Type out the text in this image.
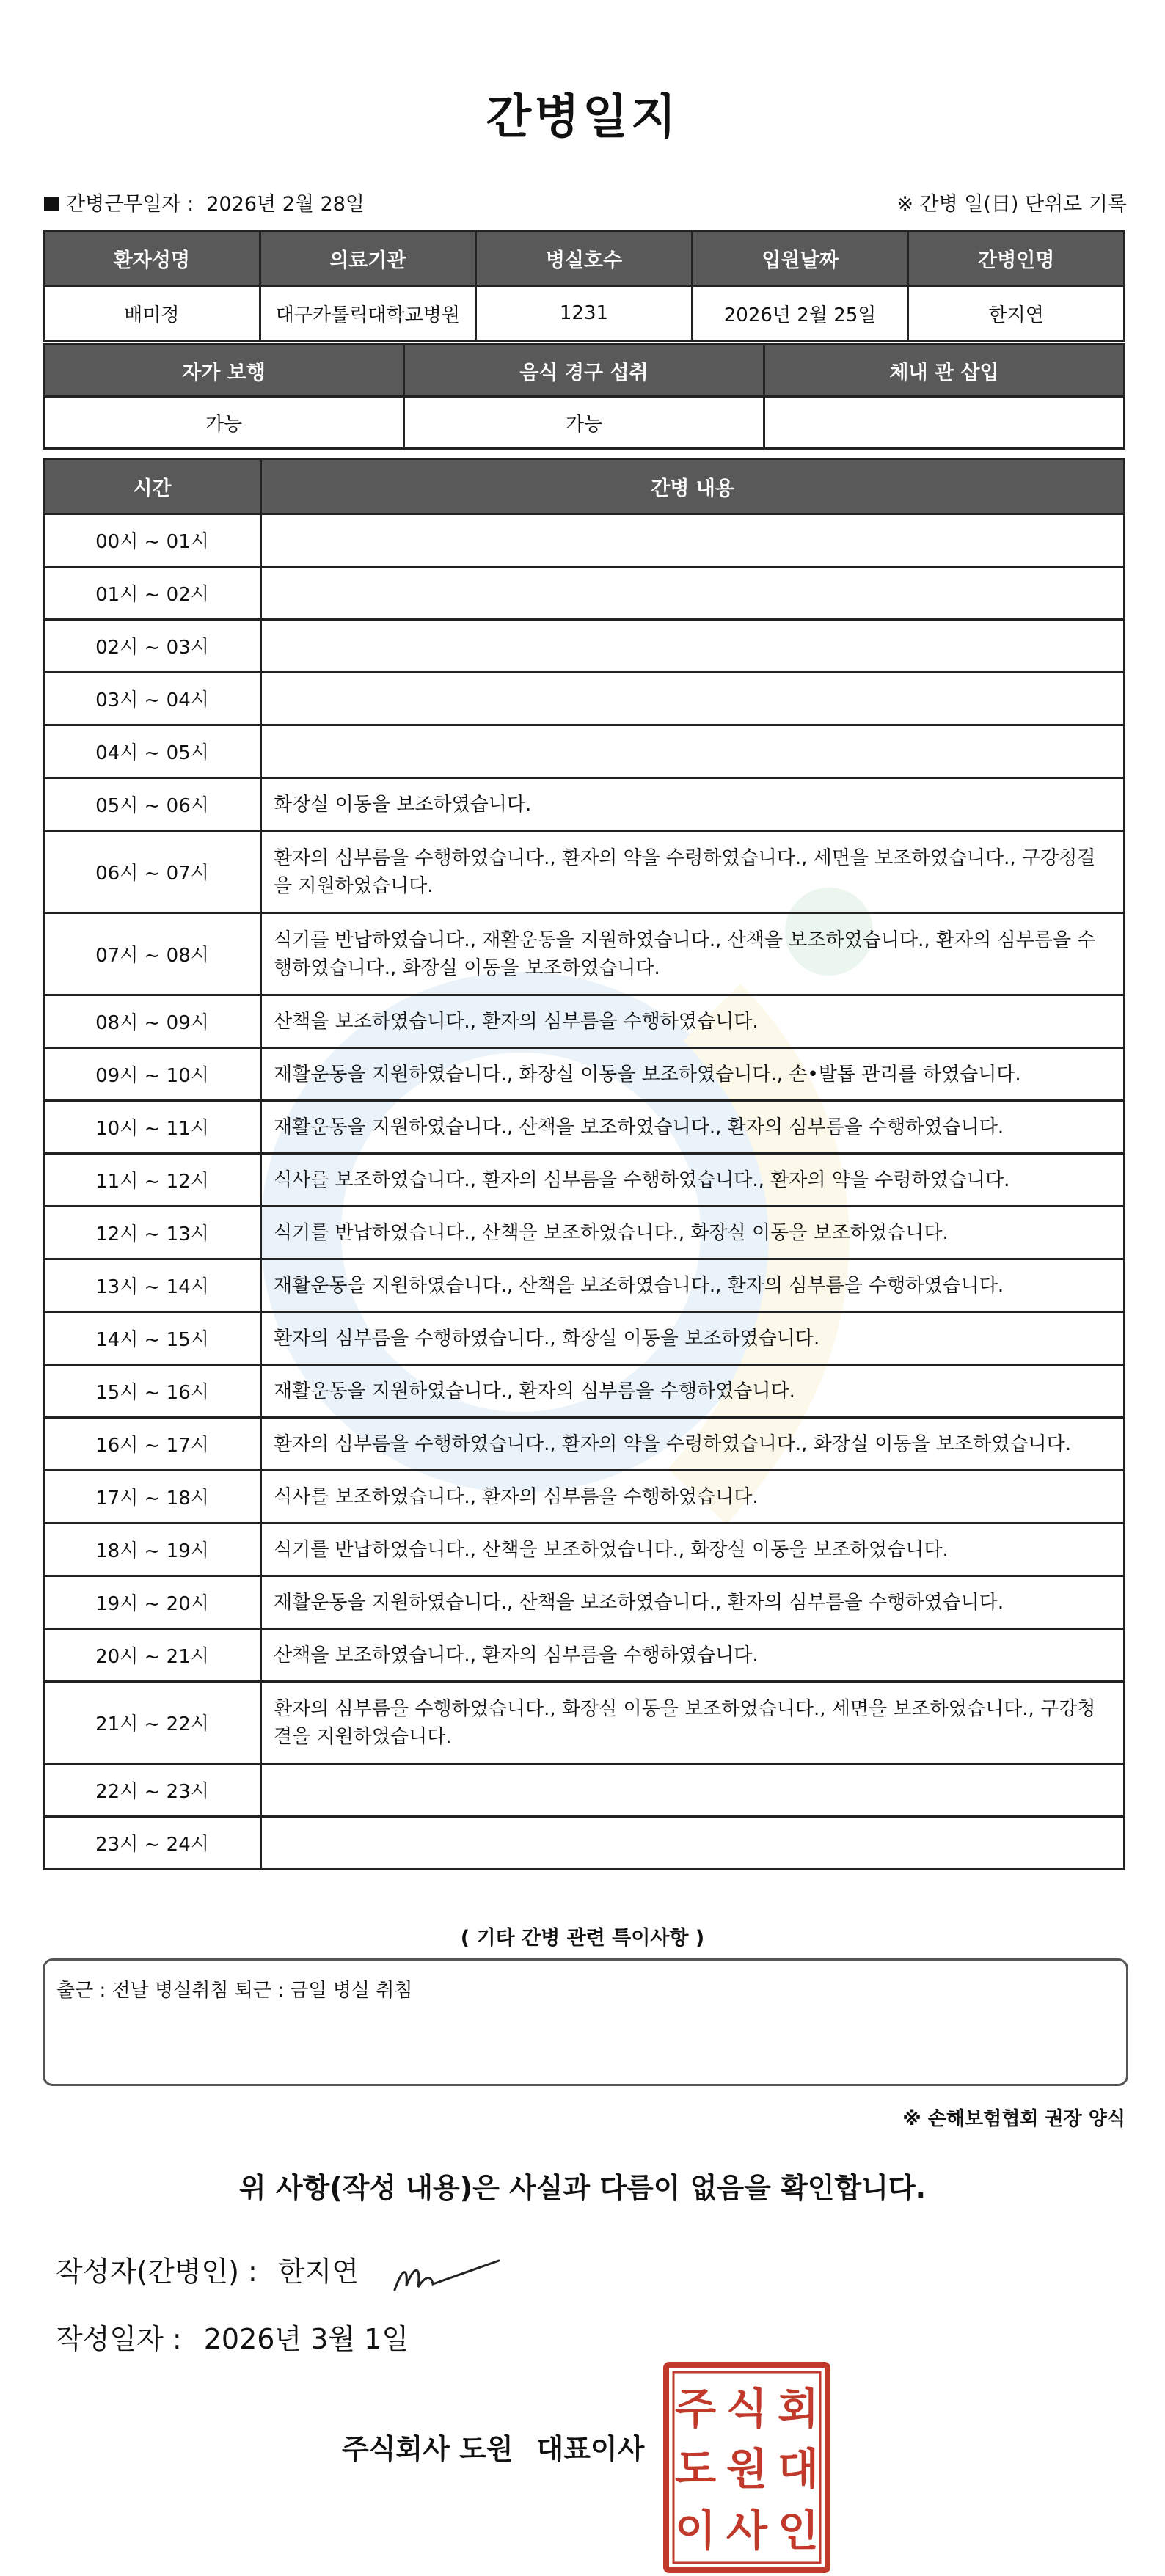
간병일지
간병근무일자 : 2026년 2월 28일	※ 간병 일(日) 단위로 기록
환자성명	의료기관	병실호수	입원날짜	간병인명
배미정	대구카톨릭대학교병원	1231	2026년 2월 25일	한지연
자가 보행	음식 경구 섭취	체내 관 삽입
가능	가능	
시간	간병 내용
00시 ~ 01시	
01시 ~ 02시	
02시 ~ 03시	
03시 ~ 04시	
04시 ~ 05시	
05시 ~ 06시	화장실 이동을 보조하였습니다.
06시 ~ 07시	환자의 심부름을 수행하였습니다., 환자의 약을 수령하였습니다., 세면을 보조하였습니다., 구강청결을 지원하였습니다.
07시 ~ 08시	식기를 반납하였습니다., 재활운동을 지원하였습니다., 산책을 보조하였습니다., 환자의 심부름을 수행하였습니다., 화장실 이동을 보조하였습니다.
08시 ~ 09시	산책을 보조하였습니다., 환자의 심부름을 수행하였습니다.
09시 ~ 10시	재활운동을 지원하였습니다., 화장실 이동을 보조하였습니다., 손•발톱 관리를 하였습니다.
10시 ~ 11시	재활운동을 지원하였습니다., 산책을 보조하였습니다., 환자의 심부름을 수행하였습니다.
11시 ~ 12시	식사를 보조하였습니다., 환자의 심부름을 수행하였습니다., 환자의 약을 수령하였습니다.
12시 ~ 13시	식기를 반납하였습니다., 산책을 보조하였습니다., 화장실 이동을 보조하였습니다.
13시 ~ 14시	재활운동을 지원하였습니다., 산책을 보조하였습니다., 환자의 심부름을 수행하였습니다.
14시 ~ 15시	환자의 심부름을 수행하였습니다., 화장실 이동을 보조하였습니다.
15시 ~ 16시	재활운동을 지원하였습니다., 환자의 심부름을 수행하였습니다.
16시 ~ 17시	환자의 심부름을 수행하였습니다., 환자의 약을 수령하였습니다., 화장실 이동을 보조하였습니다.
17시 ~ 18시	식사를 보조하였습니다., 환자의 심부름을 수행하였습니다.
18시 ~ 19시	식기를 반납하였습니다., 산책을 보조하였습니다., 화장실 이동을 보조하였습니다.
19시 ~ 20시	재활운동을 지원하였습니다., 산책을 보조하였습니다., 환자의 심부름을 수행하였습니다.
20시 ~ 21시	산책을 보조하였습니다., 환자의 심부름을 수행하였습니다.
21시 ~ 22시	환자의 심부름을 수행하였습니다., 화장실 이동을 보조하였습니다., 세면을 보조하였습니다., 구강청결을 지원하였습니다.
22시 ~ 23시	
23시 ~ 24시	
( 기타 간병 관련 특이사항 )
출근 : 전날 병실취침 퇴근 : 금일 병실 취침
※ 손해보험협회 권장 양식
위 사항(작성 내용)은 사실과 다름이 없음을 확인합니다.
작성자(간병인) : 한지연
작성일자 : 2026년 3월 1일
주식회사 도원 대표이사
주 식 회
도 원 대
이 사 인
